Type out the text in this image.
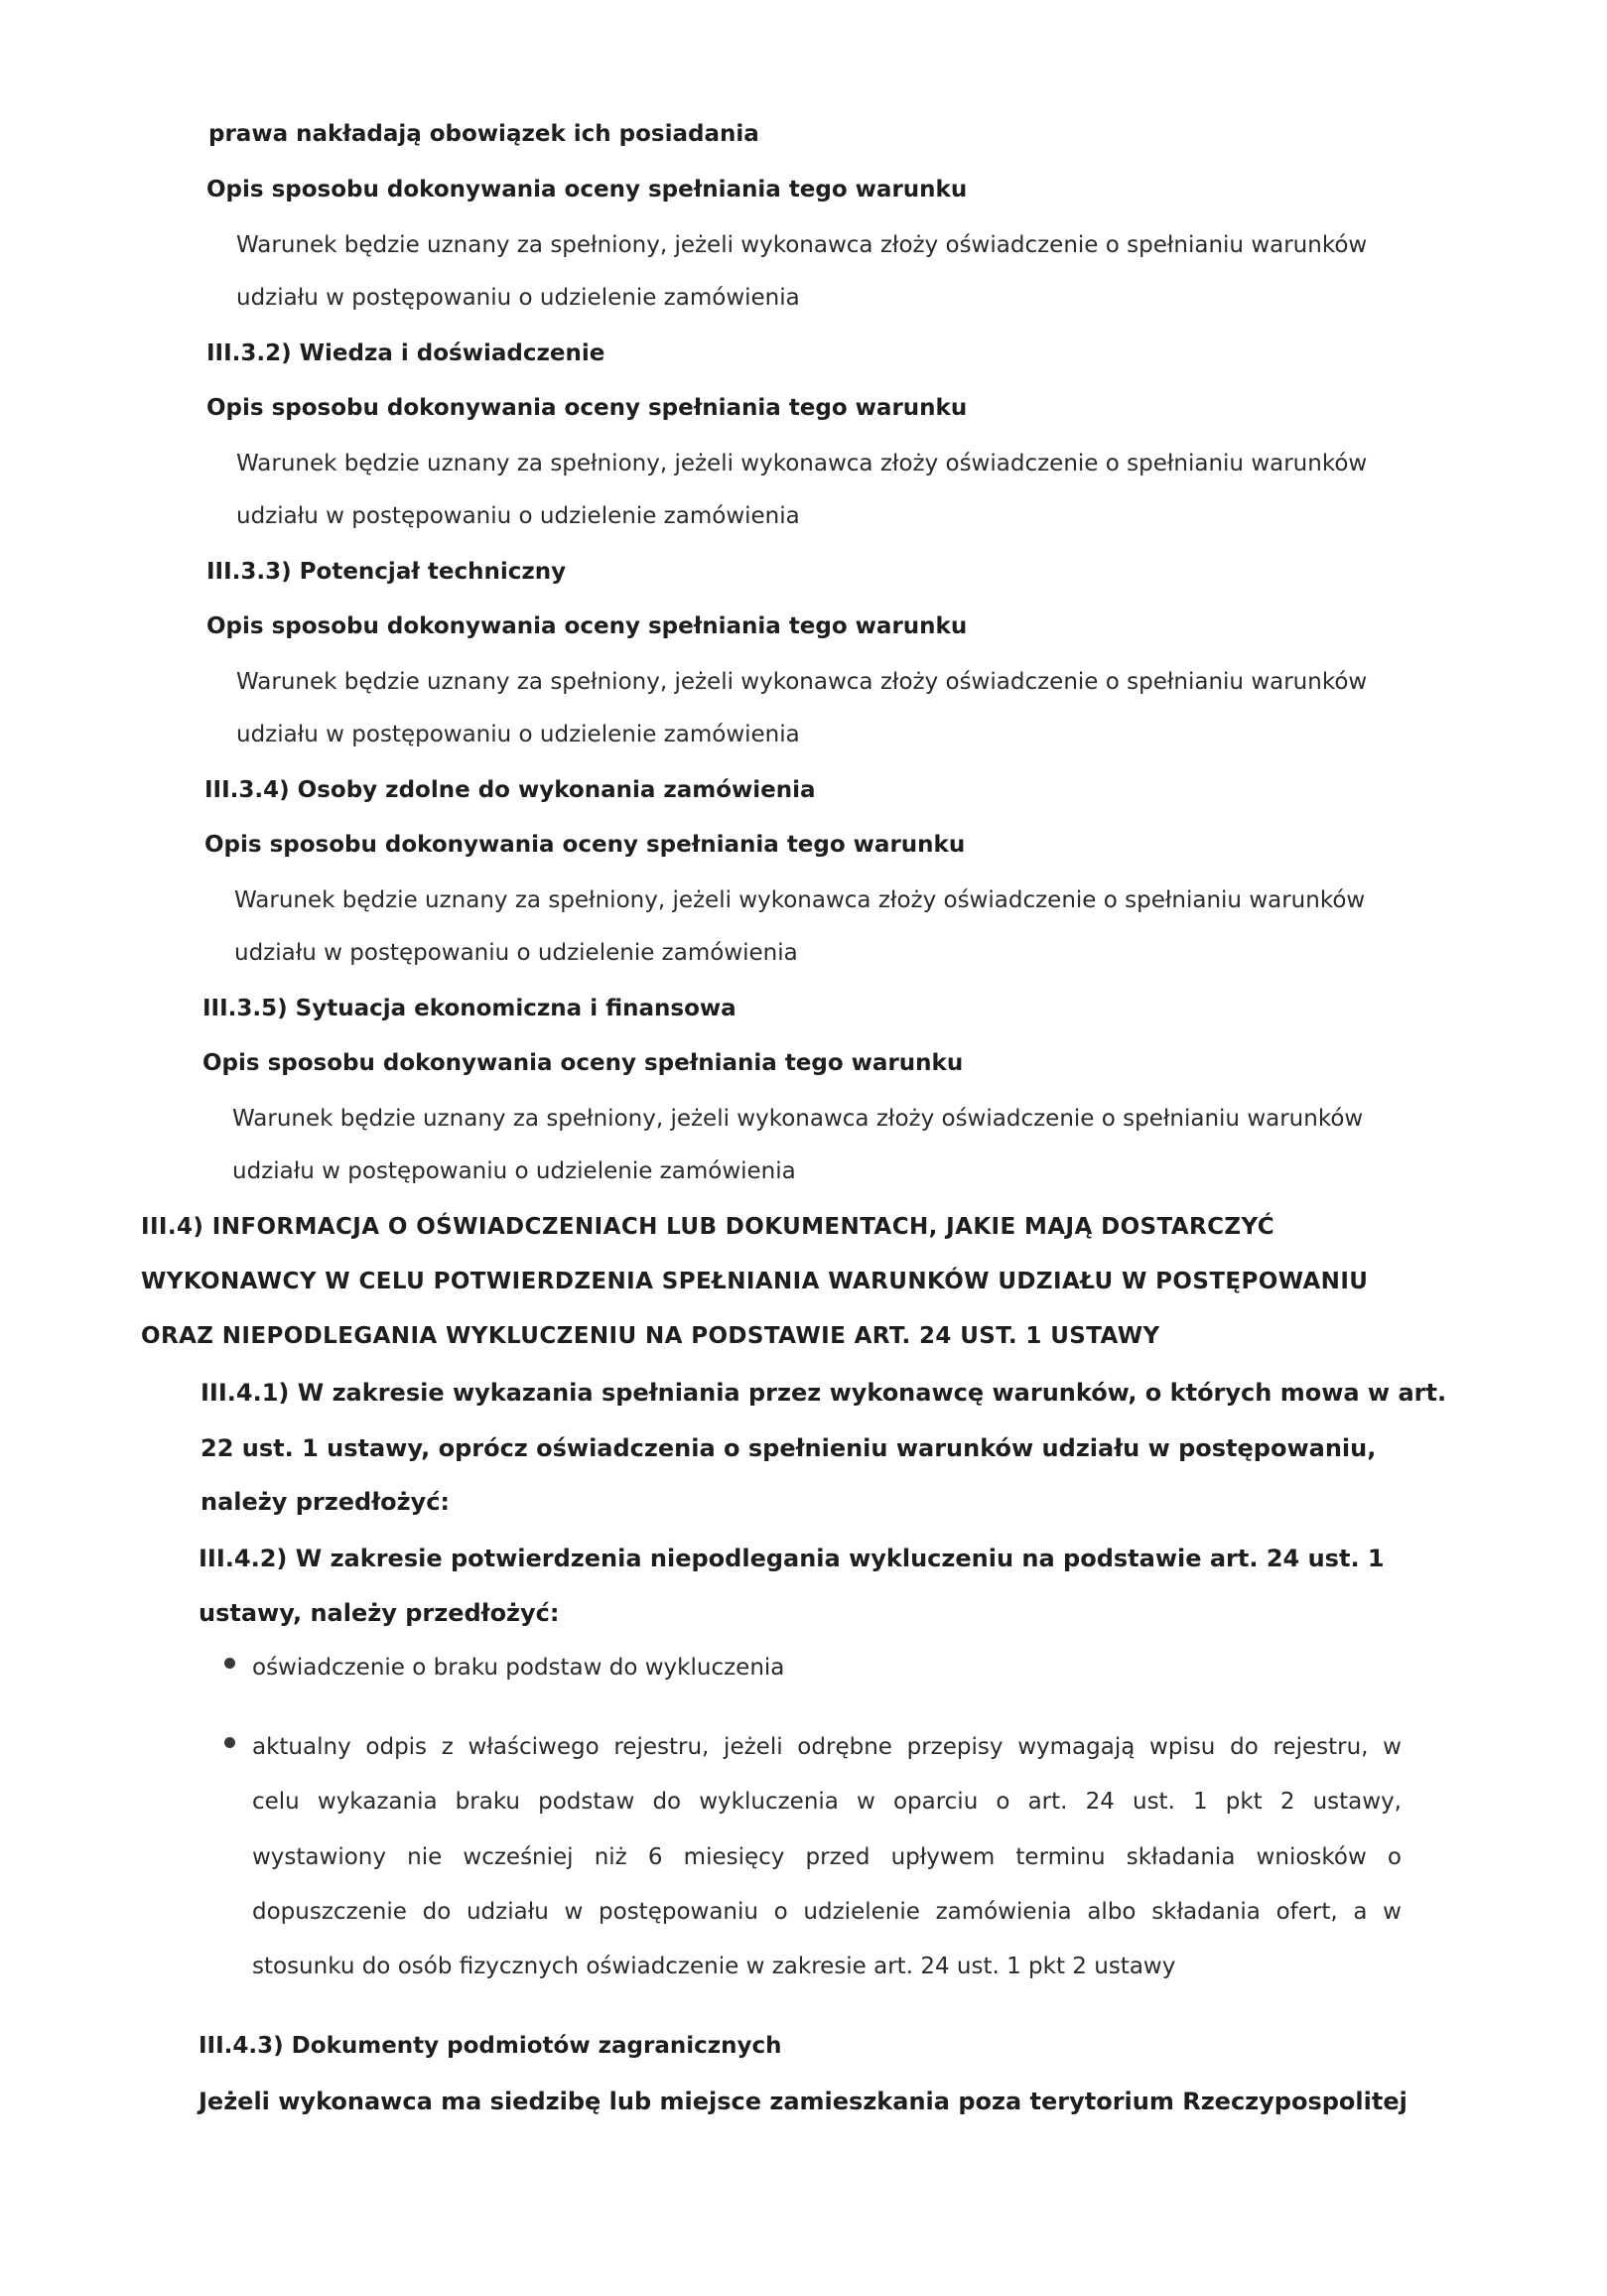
prawa nakładają obowiązek ich posiadania
Opis sposobu dokonywania oceny spełniania tego warunku
Warunek będzie uznany za spełniony, jeżeli wykonawca złoży oświadczenie o spełnianiu warunków
udziału w postępowaniu o udzielenie zamówienia
III.3.2) Wiedza i doświadczenie
Opis sposobu dokonywania oceny spełniania tego warunku
Warunek będzie uznany za spełniony, jeżeli wykonawca złoży oświadczenie o spełnianiu warunków
udziału w postępowaniu o udzielenie zamówienia
III.3.3) Potencjał techniczny
Opis sposobu dokonywania oceny spełniania tego warunku
Warunek będzie uznany za spełniony, jeżeli wykonawca złoży oświadczenie o spełnianiu warunków
udziału w postępowaniu o udzielenie zamówienia
III.3.4) Osoby zdolne do wykonania zamówienia
Opis sposobu dokonywania oceny spełniania tego warunku
Warunek będzie uznany za spełniony, jeżeli wykonawca złoży oświadczenie o spełnianiu warunków
udziału w postępowaniu o udzielenie zamówienia
III.3.5) Sytuacja ekonomiczna i finansowa
Opis sposobu dokonywania oceny spełniania tego warunku
Warunek będzie uznany za spełniony, jeżeli wykonawca złoży oświadczenie o spełnianiu warunków
udziału w postępowaniu o udzielenie zamówienia
III.4) INFORMACJA O OŚWIADCZENIACH LUB DOKUMENTACH, JAKIE MAJĄ DOSTARCZYĆ
WYKONAWCY W CELU POTWIERDZENIA SPEŁNIANIA WARUNKÓW UDZIAŁU W POSTĘPOWANIU
ORAZ NIEPODLEGANIA WYKLUCZENIU NA PODSTAWIE ART. 24 UST. 1 USTAWY
III.4.1) W zakresie wykazania spełniania przez wykonawcę warunków, o których mowa w art.
22 ust. 1 ustawy, oprócz oświadczenia o spełnieniu warunków udziału w postępowaniu,
należy przedłożyć:
III.4.2) W zakresie potwierdzenia niepodlegania wykluczeniu na podstawie art. 24 ust. 1
ustawy, należy przedłożyć:
oświadczenie o braku podstaw do wykluczenia
aktualny odpis z właściwego rejestru, jeżeli odrębne przepisy wymagają wpisu do rejestru, w
celu wykazania braku podstaw do wykluczenia w oparciu o art. 24 ust. 1 pkt 2 ustawy,
wystawiony nie wcześniej niż 6 miesięcy przed upływem terminu składania wniosków o
dopuszczenie do udziału w postępowaniu o udzielenie zamówienia albo składania ofert, a w
stosunku do osób fizycznych oświadczenie w zakresie art. 24 ust. 1 pkt 2 ustawy
III.4.3) Dokumenty podmiotów zagranicznych
Jeżeli wykonawca ma siedzibę lub miejsce zamieszkania poza terytorium Rzeczypospolitej
